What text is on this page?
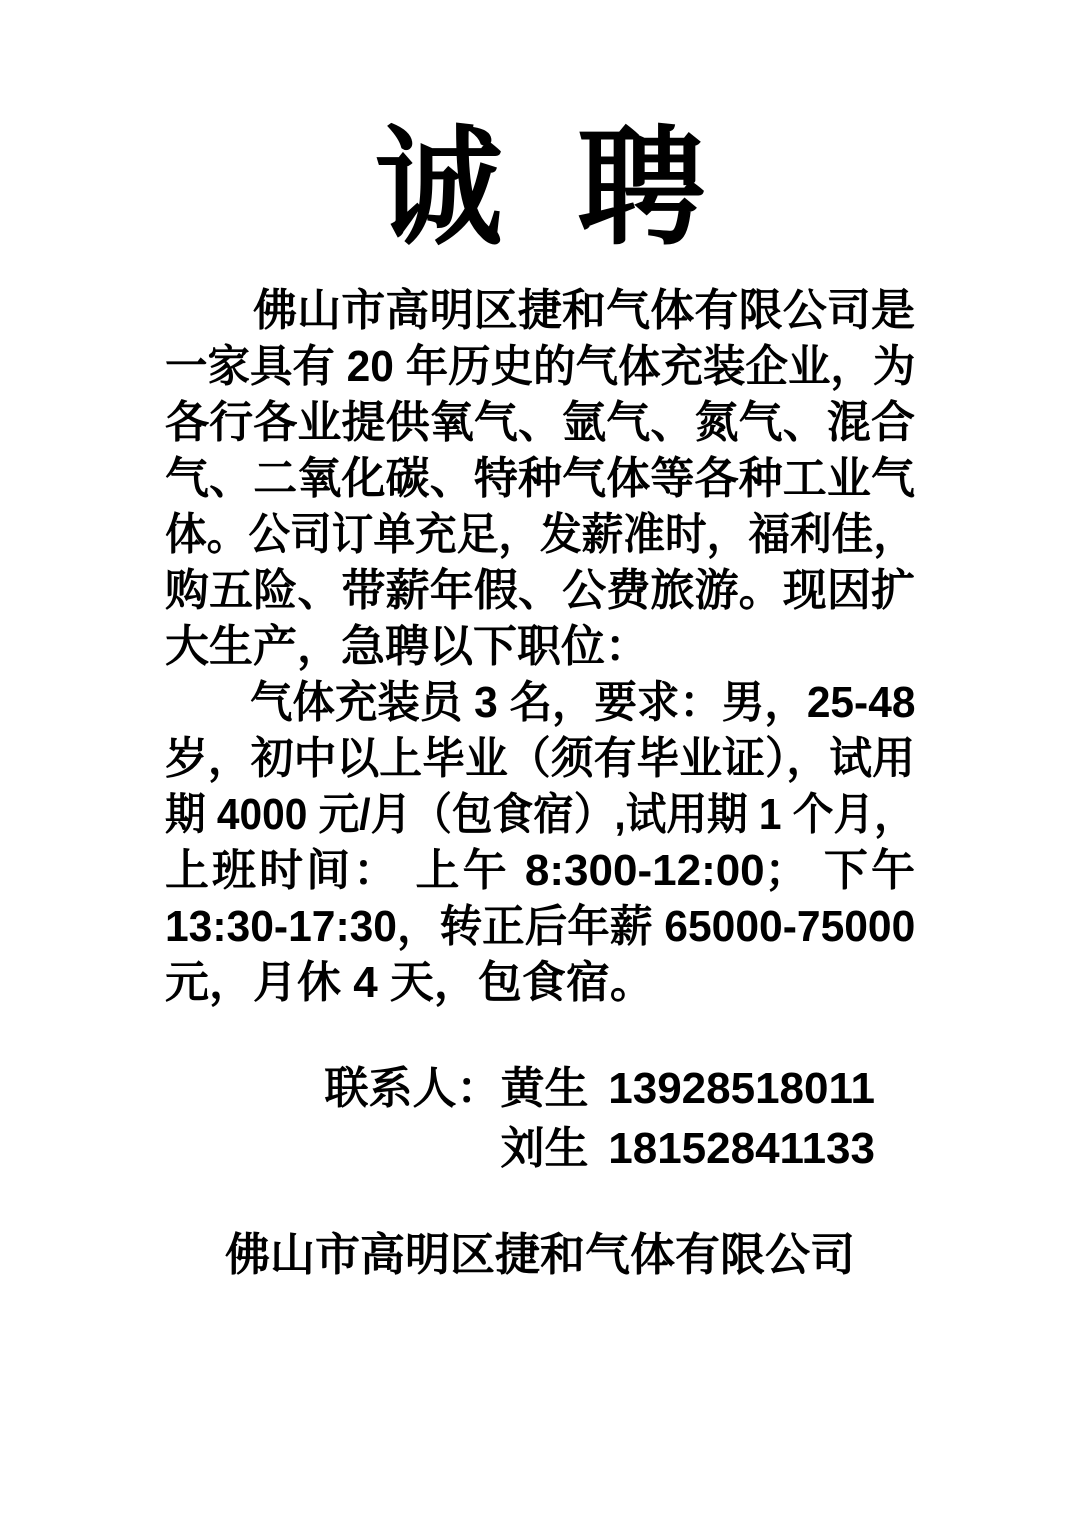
诚 聘
佛山市高明区捷和气体有限公司是
一家具有 20 年历史的气体充装企业，为
各行各业提供氧气、氩气、氮气、混合
气、二氧化碳、特种气体等各种工业气
体。公司订单充足，发薪准时，福利佳，
购五险、带薪年假、公费旅游。现因扩
大生产，急聘以下职位：
气体充装员 3 名，要求：男，25-48
岁，初中以上毕业（须有毕业证），试用
期 4000 元/月（包食宿）,试用期 1 个月，
上班时间： 上午 8:300-12:00； 下午
13:30-17:30，转正后年薪 65000-75000
元，月休 4 天，包食宿。
联系人：黄生 13928518011
刘生 18152841133
佛山市高明区捷和气体有限公司
